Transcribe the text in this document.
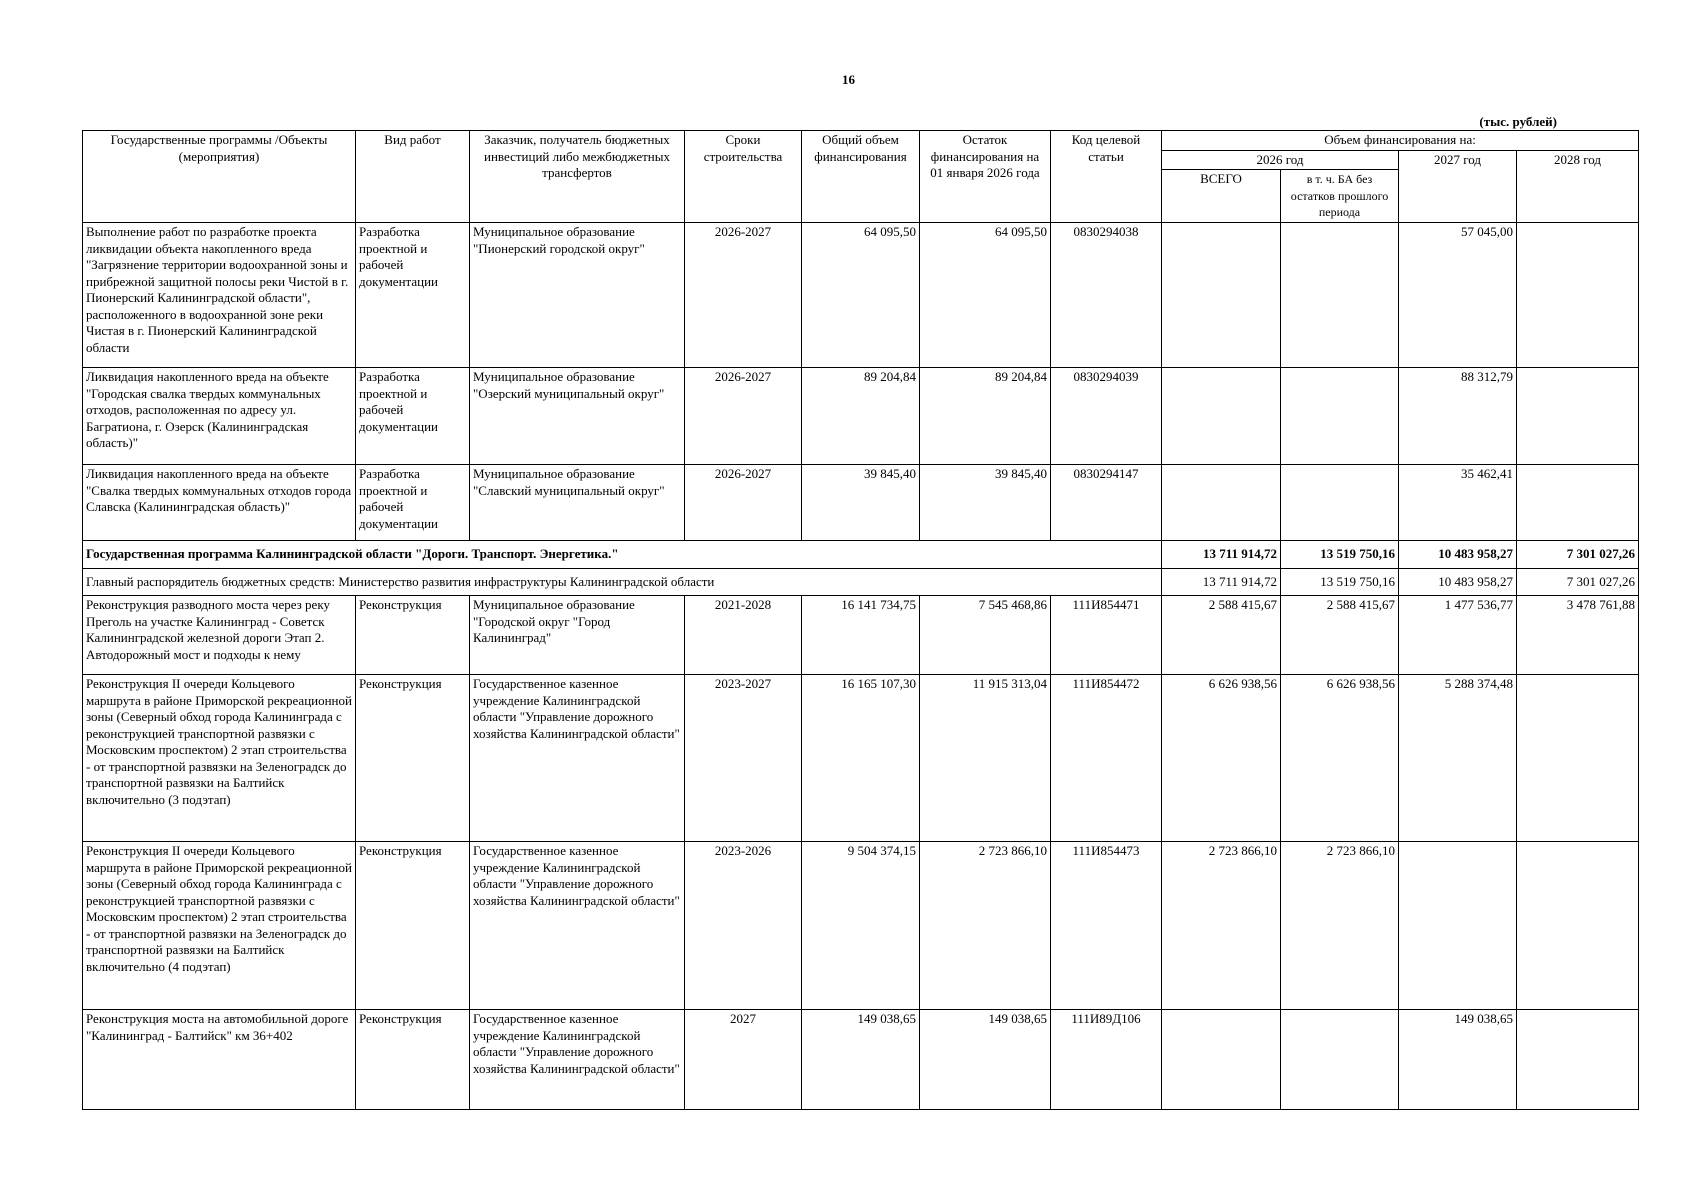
16
(тыс. рублей)
Государственные программы /Объекты (мероприятия)	Вид работ	Заказчик, получатель бюджетных инвестиций либо межбюджетных трансфертов	Сроки строительства	Общий объем финансирования	Остаток финансирования на 01 января 2026 года	Код целевой статьи	Объем финансирования на:			
							2026 год		2027 год	2028 год
							ВСЕГО	в т. ч. БА без остатков прошлого периода		
Выполнение работ по разработке проекта ликвидации объекта накопленного вреда "Загрязнение территории водоохранной зоны и прибрежной защитной полосы реки Чистой в г. Пионерский Калининградской области", расположенного в водоохранной зоне реки Чистая в г. Пионерский Калининградской области	Разработка проектной и рабочей документации	Муниципальное образование "Пионерский городской округ"	2026-2027	64 095,50	64 095,50	0830294038			57 045,00	
Ликвидация накопленного вреда на объекте "Городская свалка твердых коммунальных отходов, расположенная по адресу ул. Багратиона, г. Озерск (Калининградская область)"	Разработка проектной и рабочей документации	Муниципальное образование "Озерский муниципальный округ"	2026-2027	89 204,84	89 204,84	0830294039			88 312,79	
Ликвидация накопленного вреда на объекте "Свалка твердых коммунальных отходов города Славска (Калининградская область)"	Разработка проектной и рабочей документации	Муниципальное образование "Славский муниципальный округ"	2026-2027	39 845,40	39 845,40	0830294147			35 462,41	
Государственная программа Калининградской области "Дороги. Транспорт. Энергетика."							13 711 914,72	13 519 750,16	10 483 958,27	7 301 027,26
Главный распорядитель бюджетных средств: Министерство развития инфраструктуры Калининградской области							13 711 914,72	13 519 750,16	10 483 958,27	7 301 027,26
Реконструкция разводного моста через реку Преголь на участке Калининград - Советск Калининградской железной дороги Этап 2. Автодорожный мост и подходы к нему	Реконструкция	Муниципальное образование "Городской округ "Город Калининград"	2021-2028	16 141 734,75	7 545 468,86	111И854471	2 588 415,67	2 588 415,67	1 477 536,77	3 478 761,88
Реконструкция II очереди Кольцевого маршрута в районе Приморской рекреационной зоны (Северный обход города Калининграда с реконструкцией транспортной развязки с Московским проспектом) 2 этап строительства - от транспортной развязки на Зеленоградск до транспортной развязки на Балтийск включительно (3 подэтап)	Реконструкция	Государственное казенное учреждение Калининградской области "Управление дорожного хозяйства Калининградской области"	2023-2027	16 165 107,30	11 915 313,04	111И854472	6 626 938,56	6 626 938,56	5 288 374,48	
Реконструкция II очереди Кольцевого маршрута в районе Приморской рекреационной зоны (Северный обход города Калининграда с реконструкцией транспортной развязки с Московским проспектом) 2 этап строительства - от транспортной развязки на Зеленоградск до транспортной развязки на Балтийск включительно (4 подэтап)	Реконструкция	Государственное казенное учреждение Калининградской области "Управление дорожного хозяйства Калининградской области"	2023-2026	9 504 374,15	2 723 866,10	111И854473	2 723 866,10	2 723 866,10		
Реконструкция моста на автомобильной дороге "Калининград - Балтийск" км 36+402	Реконструкция	Государственное казенное учреждение Калининградской области "Управление дорожного хозяйства Калининградской области"	2027	149 038,65	149 038,65	111И89Д106			149 038,65	
